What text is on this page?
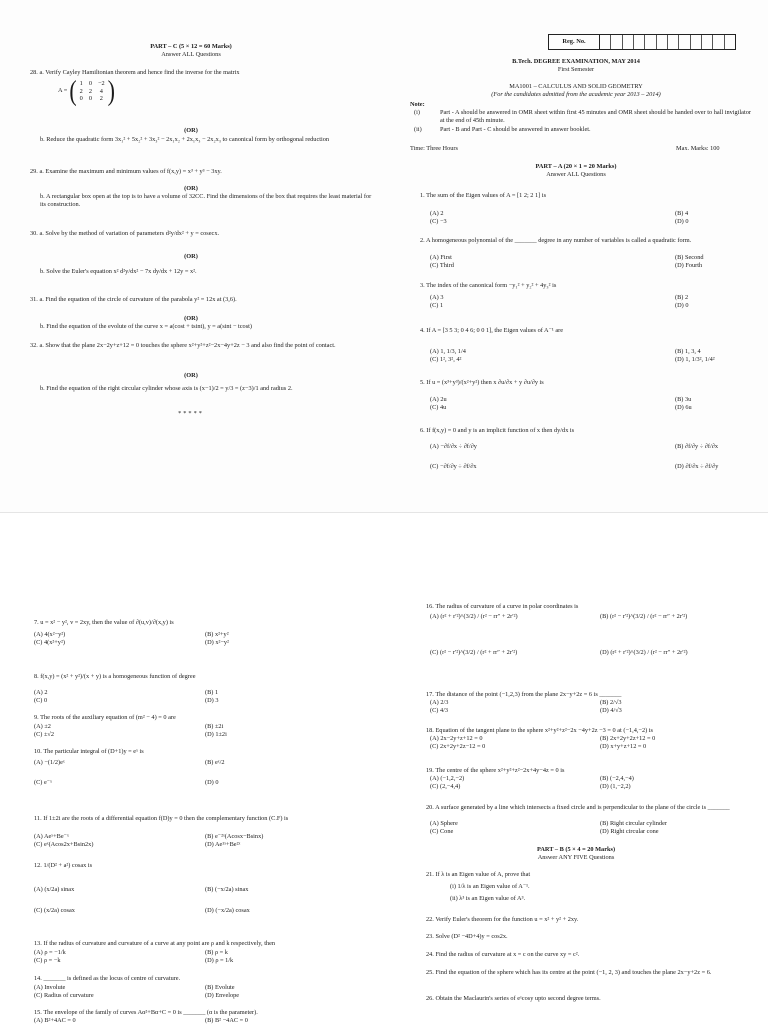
PART – C (5 × 12 = 60 Marks)
Answer ALL Questions
28. a. Verify Cayley Hamiltonian theorem and hence find the inverse for the matrix
A = ( 1	0	−2
2	2	4
0	0	2 )
(OR)
b. Reduce the quadratic form 3x₁² + 5x₂² + 3x₃² − 2x₁x₂ + 2x₁x₃ − 2x₂x₃ to canonical form by orthogonal reduction
29. a. Examine the maximum and minimum values of f(x,y) = x³ + y³ − 3xy.
(OR)
b. A rectangular box open at the top is to have a volume of 32CC. Find the dimensions of the box that requires the least material for its construction.
30. a. Solve by the method of variation of parameters d²y/dx² + y = cosecx.
(OR)
b. Solve the Euler's equation x² d²y/dx² − 7x dy/dx + 12y = x².
31. a. Find the equation of the circle of curvature of the parabola y² = 12x at (3,6).
(OR)
b. Find the equation of the evolute of the curve x = a(cost + tsint), y = a(sint − tcost)
32. a. Show that the plane 2x−2y+z+12 = 0 touches the sphere x²+y²+z²−2x−4y+2z − 3 and also find the point of contact.
(OR)
b. Find the equation of the right circular cylinder whose axis is (x−1)/2 = y/3 = (z−3)/1 and radius 2.
*****
Reg. No.
B.Tech. DEGREE EXAMINATION, MAY 2014
First Semester
MA1001 – CALCULUS AND SOLID GEOMETRY
(For the candidates admitted from the academic year 2013 – 2014)
Note:
(i)	Part - A should be answered in OMR sheet within first 45 minutes and OMR sheet should be handed over to hall invigilator at the end of 45th minute.
(ii)	Part - B and Part - C should be answered in answer booklet.
Time: Three Hours	Max. Marks: 100
PART – A (20 × 1 = 20 Marks)
Answer ALL Questions
1. The sum of the Eigen values of A = [1 2; 2 1] is
(A) 2	(B) 4
(C) −3	(D) 0
2. A homogeneous polynomial of the _______ degree in any number of variables is called a quadratic form.
(A) First	(B) Second
(C) Third	(D) Fourth
3. The index of the canonical form −y₁² + y₂² + 4y₃² is
(A) 3	(B) 2
(C) 1	(D) 0
4. If A = [3 5 3; 0 4 6; 0 0 1], the Eigen values of A⁻¹ are
(A) 1, 1/3, 1/4	(B) 1, 3, 4
(C) 1², 3², 4²	(D) 1, 1/3², 1/4²
5. If u = (x³+y³)/(x²+y²) then x ∂u/∂x + y ∂u/∂y is
(A) 2u	(B) 3u
(C) 4u	(D) 6u
6. If f(x,y) = 0 and y is an implicit function of x then dy/dx is
(A) −∂f/∂x ÷ ∂f/∂y	(B) ∂f/∂y ÷ ∂f/∂x
(C) −∂f/∂y ÷ ∂f/∂x	(D) ∂f/∂x ÷ ∂f/∂y
7. u = x² − y², v = 2xy, then the value of ∂(u,v)/∂(x,y) is
(A) 4(x²−y²)	(B) x²+y²
(C) 4(x²+y²)	(D) x²−y²
8. f(x,y) = (x² + y²)/(x + y) is a homogeneous function of degree
(A) 2	(B) 1
(C) 0	(D) 3
9. The roots of the auxiliary equation of (m² − 4) = 0 are
(A) ±2	(B) ±2i
(C) ±√2	(D) 1±2i
10. The particular integral of (D+1)y = eˣ is
(A) −(1/2)eˣ	(B) eˣ/2
(C) e⁻ˣ	(D) 0
11. If 1±2i are the roots of a differential equation f(D)y = 0 then the complementary function (C.F) is
(A) Aeˣ+Be⁻ˣ	(B) e⁻²ˣ(Acosx−Bsinx)
(C) eˣ(Acos2x+Bsin2x)	(D) Ae¹ˣ+Be²ˣ
12. 1/(D² + a²) cosax is
(A) (x/2a) sinax	(B) (−x/2a) sinax
(C) (x/2a) cosax	(D) (−x/2a) cosax
13. If the radius of curvature and curvature of a curve at any point are ρ and k respectively, then
(A) ρ = −1/k	(B) ρ = k
(C) ρ = −k	(D) ρ = 1/k
14. _______ is defined as the locus of centre of curvature.
(A) Involute	(B) Evolute
(C) Radius of curvature	(D) Envelope
15. The envelope of the family of curves Aα²+Bα+C = 0 is _______ (α is the parameter).
(A) B²+4AC = 0	(B) B² −4AC = 0
16. The radius of curvature of a curve in polar coordinates is
(A) (r² + r′²)^(3/2) / (r² − rr″ + 2r′²)	(B) (r² − r′²)^(3/2) / (r² − rr″ + 2r′²)
(C) (r² − r′²)^(3/2) / (r² + rr″ + 2r′²)	(D) (r² + r′²)^(3/2) / (r² − rr″ + 2r′²)
17. The distance of the point (−1,2,3) from the plane 2x−y+2z = 6 is _______
(A) 2/3	(B) 2/√3
(C) 4/3	(D) 4/√3
18. Equation of the tangent plane to the sphere x²+y²+z²−2x −4y+2z −3 = 0 at (−1,4,−2) is
(A) 2x−2y+z+12 = 0	(B) 2x+2y+2z+12 = 0
(C) 2x+2y+2z−12 = 0	(D) x+y+z+12 = 0
19. The centre of the sphere x²+y²+z²−2x+4y−4z = 0 is
(A) (−1,2,−2)	(B) (−2,4,−4)
(C) (2,−4,4)	(D) (1,−2,2)
20. A surface generated by a line which intersects a fixed circle and is perpendicular to the plane of the circle is _______
(A) Sphere	(B) Right circular cylinder
(C) Cone	(D) Right circular cone
PART – B (5 × 4 = 20 Marks)
Answer ANY FIVE Questions
21. If λ is an Eigen value of A, prove that
(i) 1/λ is an Eigen value of A⁻¹.
(ii) λ³ is an Eigen value of A³.
22. Verify Euler's theorem for the function u = x² + y² + 2xy.
23. Solve (D² −4D+4)y = cos2x.
24. Find the radius of curvature at x = c on the curve xy = c².
25. Find the equation of the sphere which has its centre at the point (−1, 2, 3) and touches the plane 2x−y+2z = 6.
26. Obtain the Maclaurin's series of eˣcosy upto second degree terms.
